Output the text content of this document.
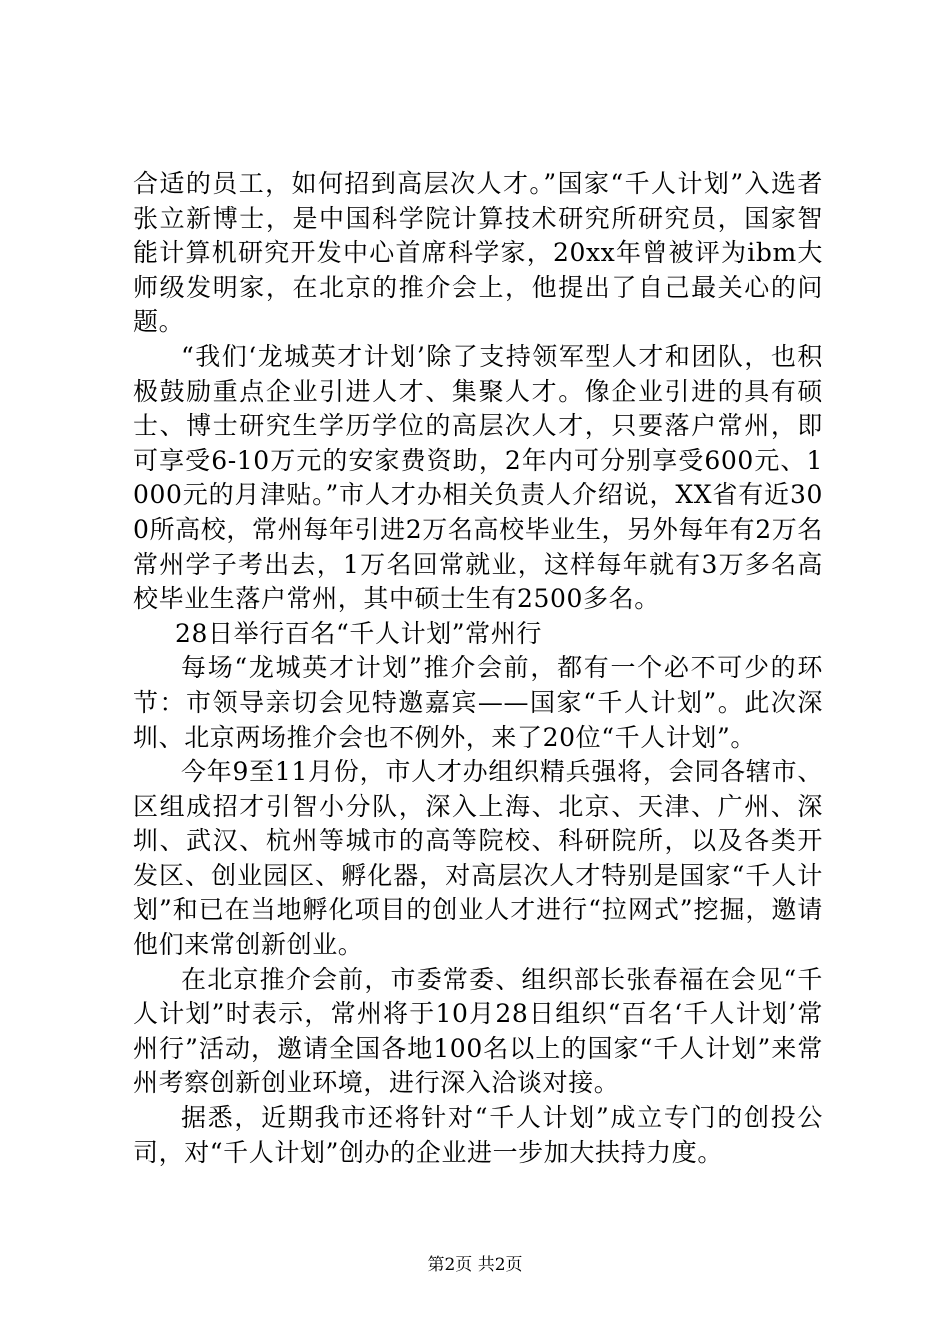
合适的员工，如何招到高层次人才。”国家“千人计划”入选者张立新博士，是中国科学院计算技术研究所研究员，国家智能计算机研究开发中心首席科学家，20xx年曾被评为ibm大师级发明家，在北京的推介会上，他提出了自己最关心的问题。

“我们‘龙城英才计划’除了支持领军型人才和团队，也积极鼓励重点企业引进人才、集聚人才。像企业引进的具有硕士、博士研究生学历学位的高层次人才，只要落户常州，即可享受6-10万元的安家费资助，2年内可分别享受600元、1000元的月津贴。”市人才办相关负责人介绍说，XX省有近300所高校，常州每年引进2万名高校毕业生，另外每年有2万名常州学子考出去，1万名回常就业，这样每年就有3万多名高校毕业生落户常州，其中硕士生有2500多名。

28日举行百名“千人计划”常州行

每场“龙城英才计划”推介会前，都有一个必不可少的环节：市领导亲切会见特邀嘉宾——国家“千人计划”。此次深圳、北京两场推介会也不例外，来了20位“千人计划”。

今年9至11月份，市人才办组织精兵强将，会同各辖市、区组成招才引智小分队，深入上海、北京、天津、广州、深圳、武汉、杭州等城市的高等院校、科研院所，以及各类开发区、创业园区、孵化器，对高层次人才特别是国家“千人计划”和已在当地孵化项目的创业人才进行“拉网式”挖掘，邀请他们来常创新创业。

在北京推介会前，市委常委、组织部长张春福在会见“千人计划”时表示，常州将于10月28日组织“百名‘千人计划’常州行”活动，邀请全国各地100名以上的国家“千人计划”来常州考察创新创业环境，进行深入洽谈对接。

据悉，近期我市还将针对“千人计划”成立专门的创投公司，对“千人计划”创办的企业进一步加大扶持力度。

第2页 共2页
